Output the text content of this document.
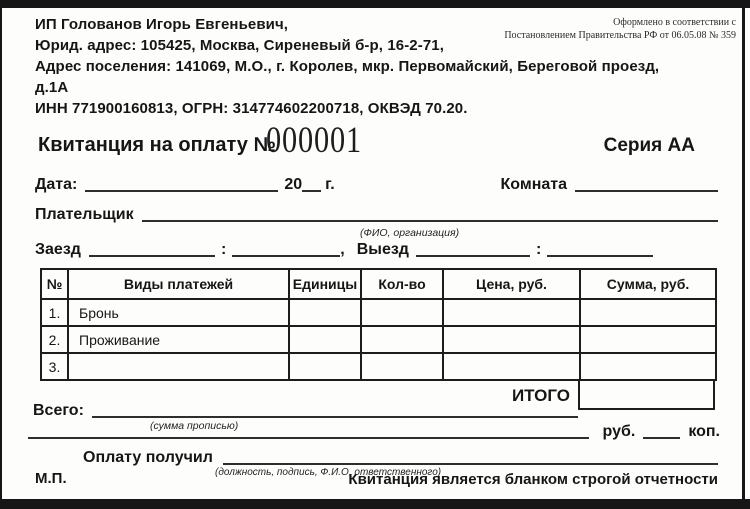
ИП Голованов Игорь Евгеньевич,
Юрид. адрес: 105425, Москва, Сиреневый б-р, 16-2-71,
Адрес поселения: 141069, М.О., г. Королев, мкр. Первомайский, Береговой проезд, д.1А
ИНН 771900160813, ОГРН: 314774602200718, ОКВЭД 70.20.
Оформлено в соответствии с
Постановлением Правительства РФ от 06.05.08 № 359
Квитанция на оплату №
000001	Серия АА
Дата:	20 г.	Комната
Плательщик
(ФИО, организация)
Заезд	:	, Выезд	:
№	Виды платежей	Единицы	Кол-во	Цена, руб.	Сумма, руб.
1.	Бронь
2.	Проживание
3.
ИТОГО
Всего:
(сумма прописью)	руб.	коп.
Оплату получил
(должность, подпись, Ф.И.О. ответственного)
М.П.	Квитанция является бланком строгой отчетности
